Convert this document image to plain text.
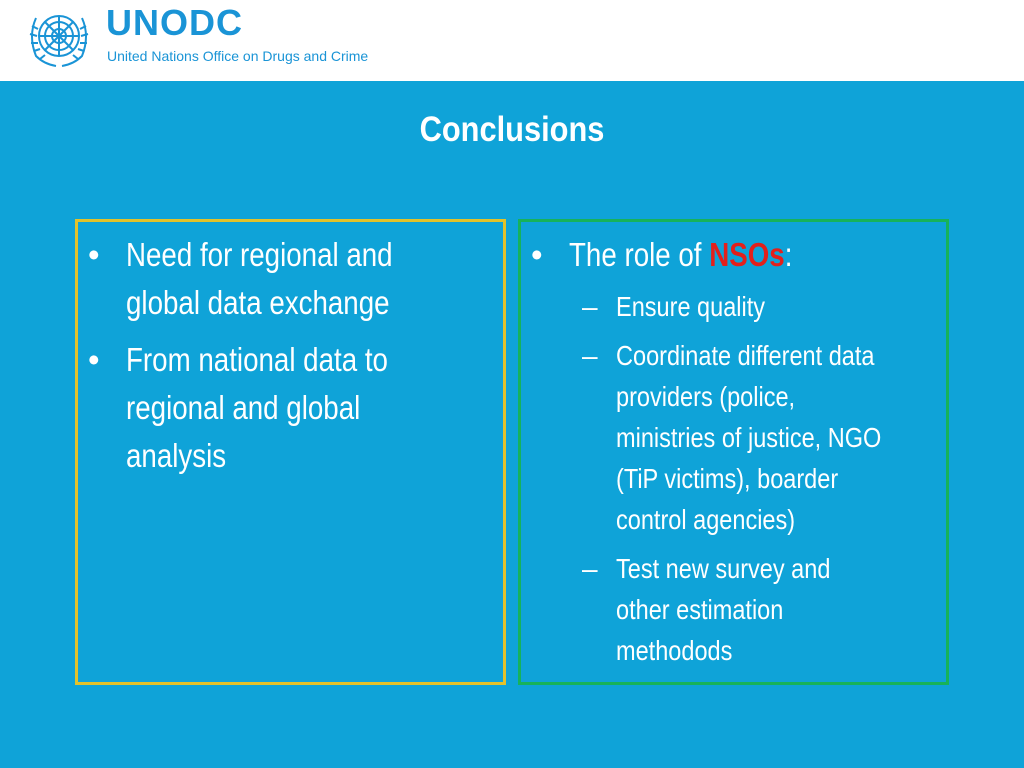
UNODC
United Nations Office on Drugs and Crime
Conclusions
• Need for regional and
global data exchange
• From national data to
regional and global
analysis
• The role of NSOs:
– Ensure quality
– Coordinate different data
providers (police,
ministries of justice, NGO
(TiP victims), boarder
control agencies)
– Test new survey and
other estimation
methodods
